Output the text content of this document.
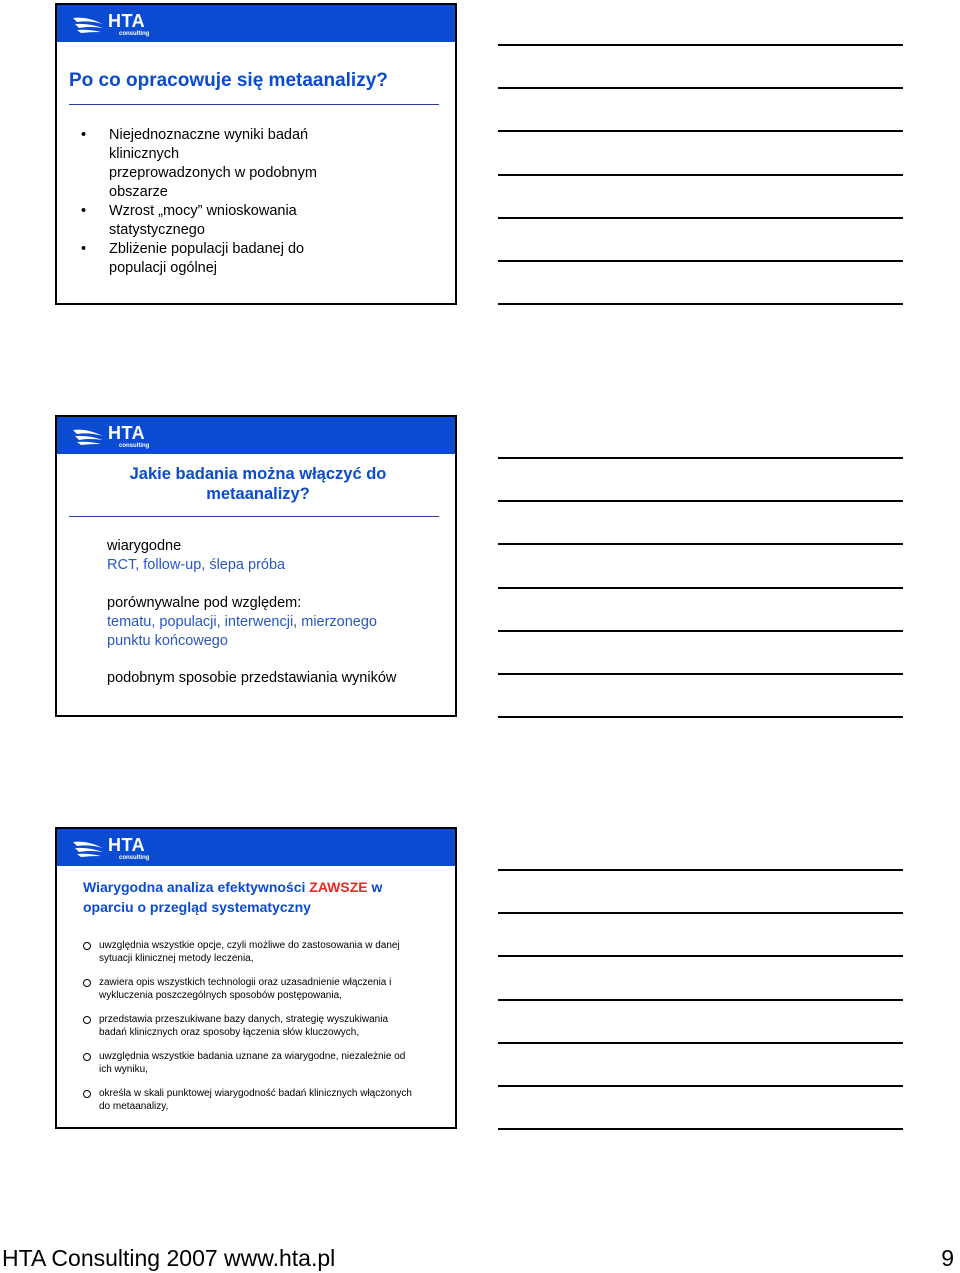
HTA
consulting
Po co opracowuje się metaanalizy?
• Niejednoznaczne wyniki badań
klinicznych
przeprowadzonych w podobnym
obszarze
• Wzrost „mocy” wnioskowania
statystycznego
• Zbliżenie populacji badanej do
populacji ogólnej
HTA
consulting
Jakie badania można włączyć do
metaanalizy?
wiarygodne
RCT, follow-up, ślepa próba
porównywalne pod względem:
tematu, populacji, interwencji, mierzonego
punktu końcowego
podobnym sposobie przedstawiania wyników
HTA
consulting
Wiarygodna analiza efektywności ZAWSZE w
oparciu o przegląd systematyczny
uwzględnia wszystkie opcje, czyli możliwe do zastosowania w danej
sytuacji klinicznej metody leczenia,
zawiera opis wszystkich technologii oraz uzasadnienie włączenia i
wykluczenia poszczególnych sposobów postępowania,
przedstawia przeszukiwane bazy danych, strategię wyszukiwania
badań klinicznych oraz sposoby łączenia słów kluczowych,
uwzględnia wszystkie badania uznane za wiarygodne, niezależnie od
ich wyniku,
określa w skali punktowej wiarygodność badań klinicznych włączonych
do metaanalizy,
HTA Consulting 2007 www.hta.pl	9
